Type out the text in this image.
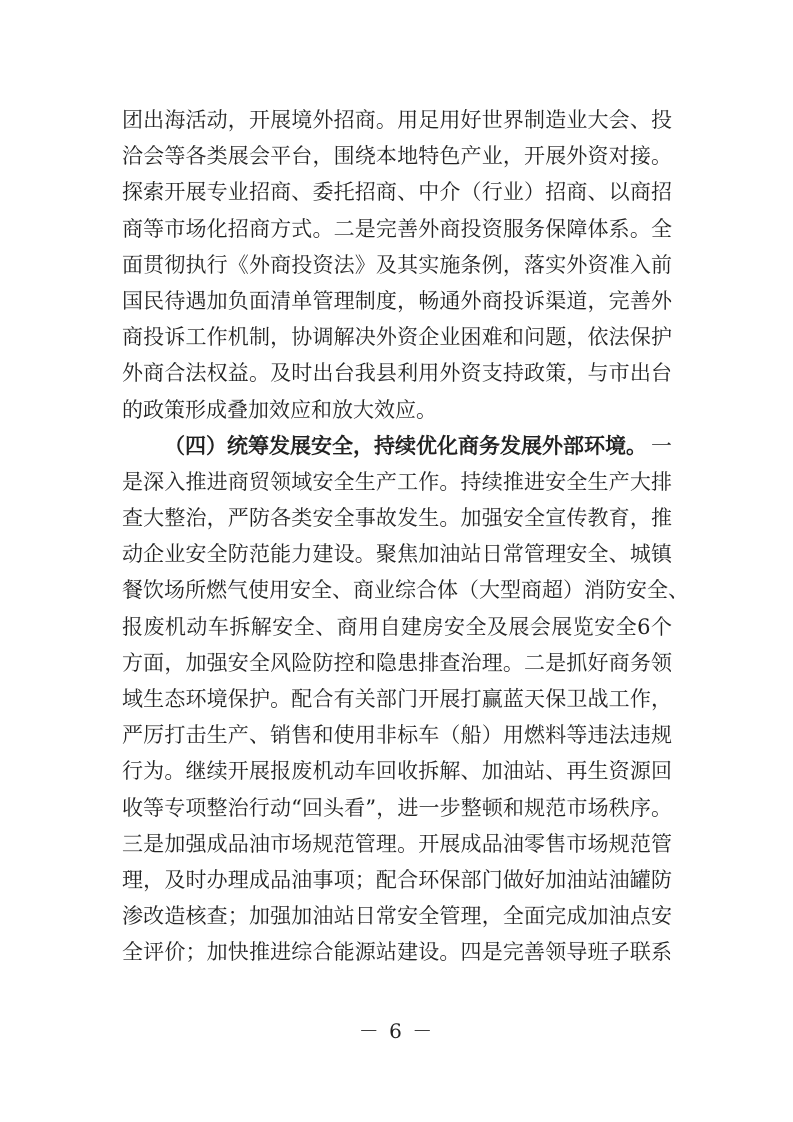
团出海活动，开展境外招商。用足用好世界制造业大会、投
洽会等各类展会平台，围绕本地特色产业，开展外资对接。
探索开展专业招商、委托招商、中介（行业）招商、以商招
商等市场化招商方式。二是完善外商投资服务保障体系。全
面贯彻执行《外商投资法》及其实施条例，落实外资准入前
国民待遇加负面清单管理制度，畅通外商投诉渠道，完善外
商投诉工作机制，协调解决外资企业困难和问题，依法保护
外商合法权益。及时出台我县利用外资支持政策，与市出台
的政策形成叠加效应和放大效应。
（四）统筹发展安全，持续优化商务发展外部环境。 一
是深入推进商贸领域安全生产工作。持续推进安全生产大排
查大整治，严防各类安全事故发生。加强安全宣传教育，推
动企业安全防范能力建设。聚焦加油站日常管理安全、城镇
餐饮场所燃气使用安全、商业综合体（大型商超）消防安全、
报废机动车拆解安全、商用自建房安全及展会展览安全6个
方面，加强安全风险防控和隐患排查治理。二是抓好商务领
域生态环境保护。配合有关部门开展打赢蓝天保卫战工作，
严厉打击生产、销售和使用非标车（船）用燃料等违法违规
行为。继续开展报废机动车回收拆解、加油站、再生资源回
收等专项整治行动“回头看”，进一步整顿和规范市场秩序。
三是加强成品油市场规范管理。开展成品油零售市场规范管
理，及时办理成品油事项；配合环保部门做好加油站油罐防
渗改造核查；加强加油站日常安全管理，全面完成加油点安
全评价；加快推进综合能源站建设。四是完善领导班子联系
－ 6 －
